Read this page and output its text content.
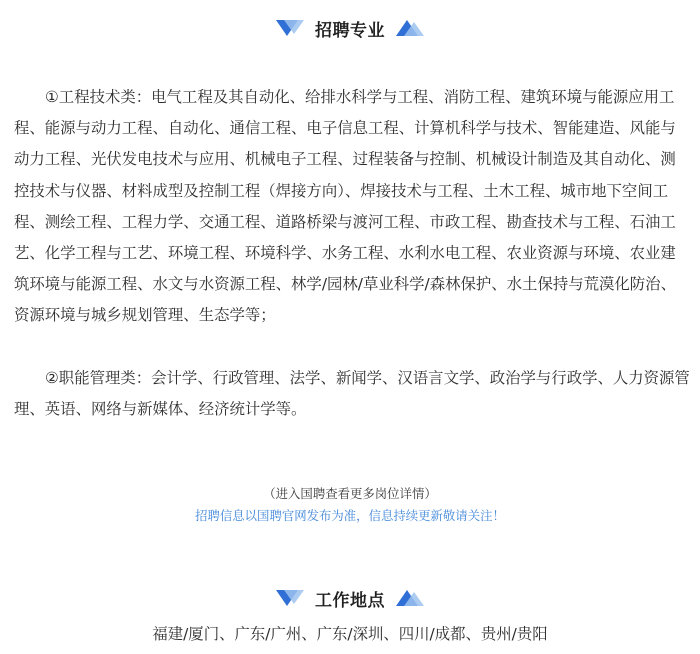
招聘专业

①工程技术类：电气工程及其自动化、给排水科学与工程、消防工程、建筑环境与能源应用工程、能源与动力工程、自动化、通信工程、电子信息工程、计算机科学与技术、智能建造、风能与动力工程、光伏发电技术与应用、机械电子工程、过程装备与控制、机械设计制造及其自动化、测控技术与仪器、材料成型及控制工程（焊接方向）、焊接技术与工程、土木工程、城市地下空间工程、测绘工程、工程力学、交通工程、道路桥梁与渡河工程、市政工程、勘查技术与工程、石油工艺、化学工程与工艺、环境工程、环境科学、水务工程、水利水电工程、农业资源与环境、农业建筑环境与能源工程、水文与水资源工程、林学/园林/草业科学/森林保护、水土保持与荒漠化防治、资源环境与城乡规划管理、生态学等；

②职能管理类：会计学、行政管理、法学、新闻学、汉语言文学、政治学与行政学、人力资源管理、英语、网络与新媒体、经济统计学等。

（进入国聘查看更多岗位详情）
招聘信息以国聘官网发布为准，信息持续更新敬请关注！
工作地点
福建/厦门、广东/广州、广东/深圳、四川/成都、贵州/贵阳
